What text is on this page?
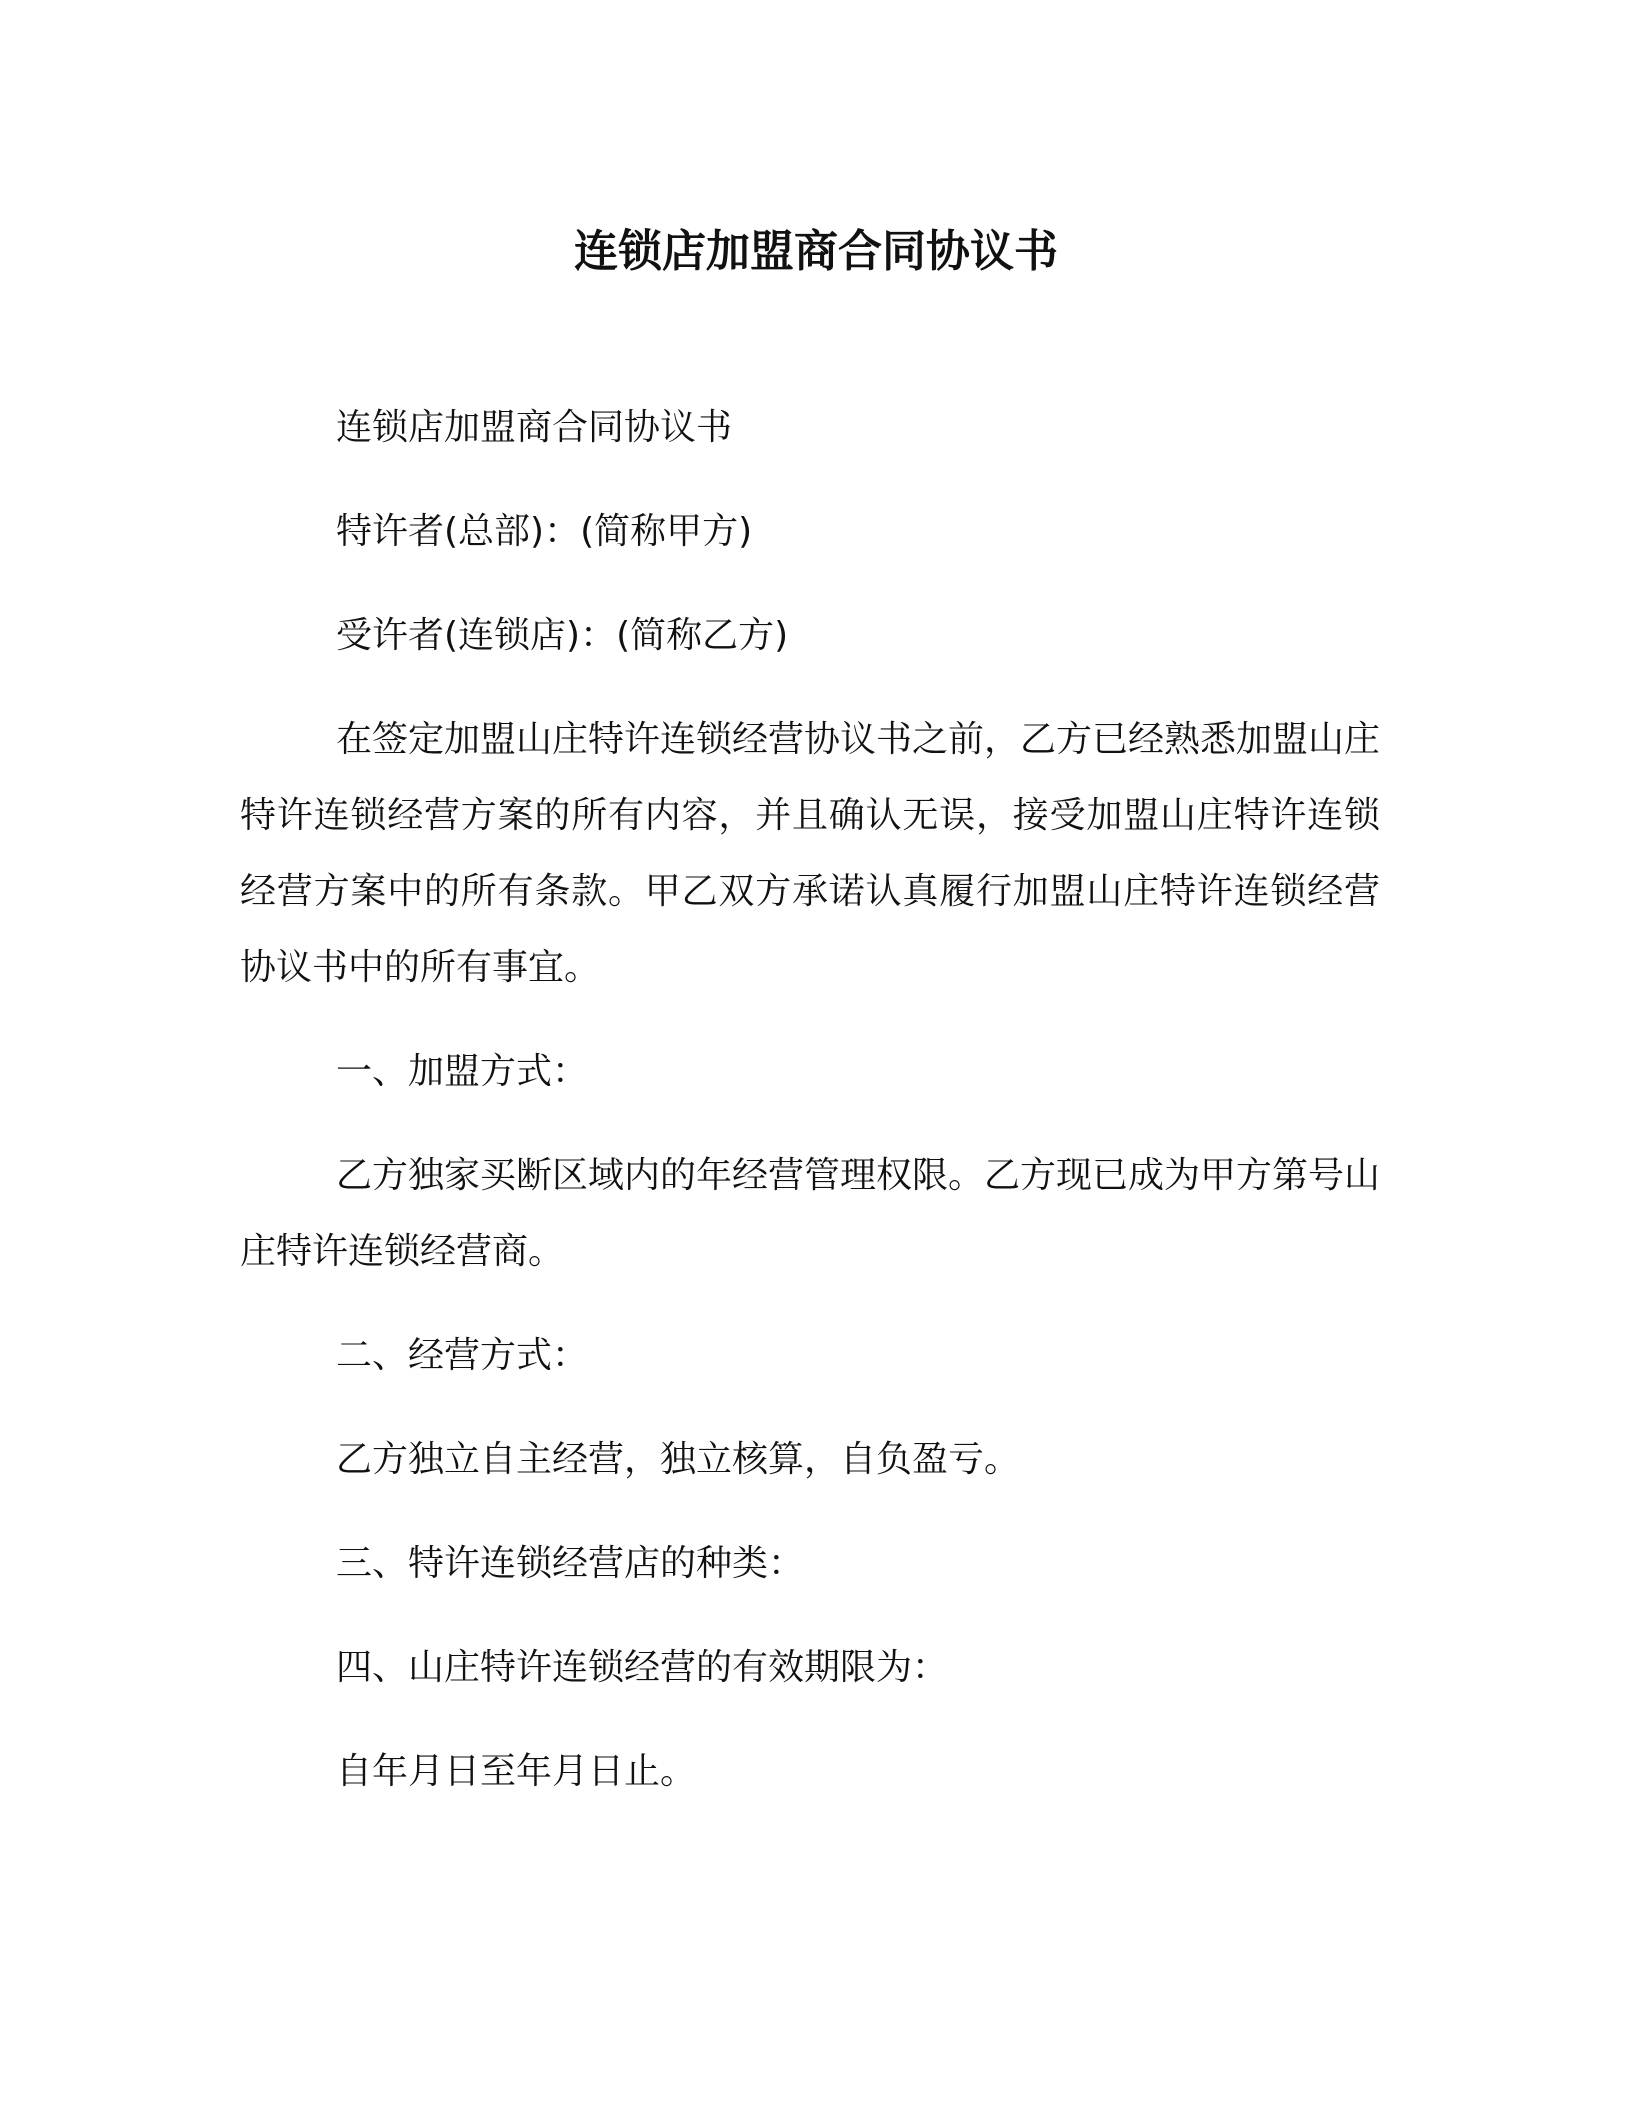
连锁店加盟商合同协议书

连锁店加盟商合同协议书

特许者(总部)：(简称甲方)

受许者(连锁店)：(简称乙方)

在签定加盟山庄特许连锁经营协议书之前，乙方已经熟悉加盟山庄特许连锁经营方案的所有内容，并且确认无误，接受加盟山庄特许连锁经营方案中的所有条款。甲乙双方承诺认真履行加盟山庄特许连锁经营协议书中的所有事宜。

一、加盟方式：

乙方独家买断区域内的年经营管理权限。乙方现已成为甲方第号山庄特许连锁经营商。

二、经营方式：

乙方独立自主经营，独立核算，自负盈亏。

三、特许连锁经营店的种类：

四、山庄特许连锁经营的有效期限为：

自年月日至年月日止。
